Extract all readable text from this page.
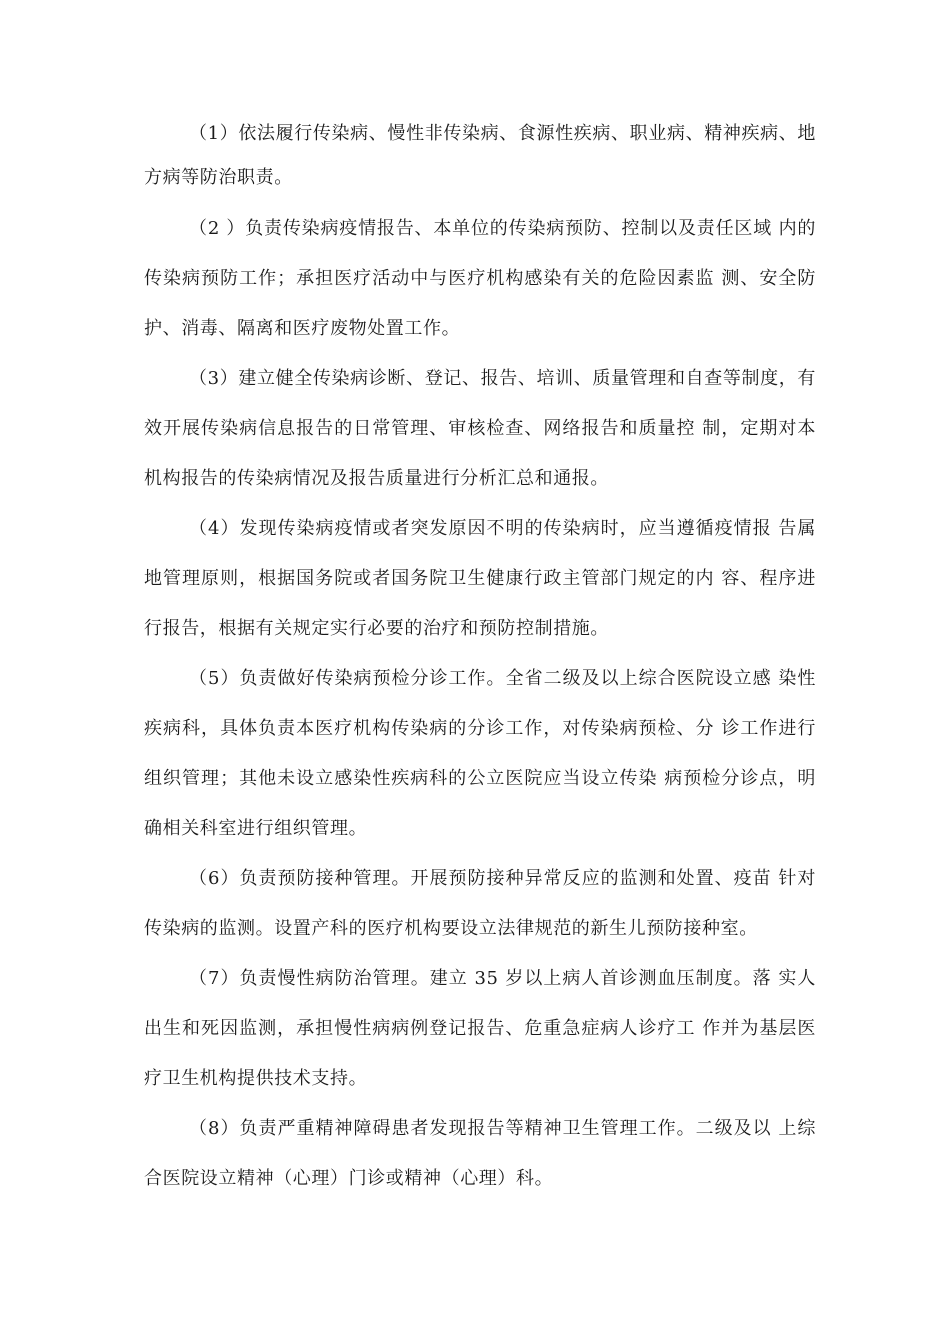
（1）依法履行传染病、慢性非传染病、食源性疾病、职业病、精神疾病、地方病等防治职责。

（2 ）负责传染病疫情报告、本单位的传染病预防、控制以及责任区域 内的传染病预防工作；承担医疗活动中与医疗机构感染有关的危险因素监 测、安全防护、消毒、隔离和医疗废物处置工作。

（3）建立健全传染病诊断、登记、报告、培训、质量管理和自查等制度，有效开展传染病信息报告的日常管理、审核检查、网络报告和质量控 制，定期对本机构报告的传染病情况及报告质量进行分析汇总和通报。

（4）发现传染病疫情或者突发原因不明的传染病时，应当遵循疫情报 告属地管理原则，根据国务院或者国务院卫生健康行政主管部门规定的内 容、程序进行报告，根据有关规定实行必要的治疗和预防控制措施。

（5）负责做好传染病预检分诊工作。全省二级及以上综合医院设立感 染性疾病科，具体负责本医疗机构传染病的分诊工作，对传染病预检、分 诊工作进行组织管理；其他未设立感染性疾病科的公立医院应当设立传染 病预检分诊点，明确相关科室进行组织管理。

（6）负责预防接种管理。开展预防接种异常反应的监测和处置、疫苗 针对传染病的监测。设置产科的医疗机构要设立法律规范的新生儿预防接种室。

（7）负责慢性病防治管理。建立 35 岁以上病人首诊测血压制度。落 实人出生和死因监测，承担慢性病病例登记报告、危重急症病人诊疗工 作并为基层医疗卫生机构提供技术支持。

（8）负责严重精神障碍患者发现报告等精神卫生管理工作。二级及以 上综合医院设立精神（心理）门诊或精神（心理）科。
